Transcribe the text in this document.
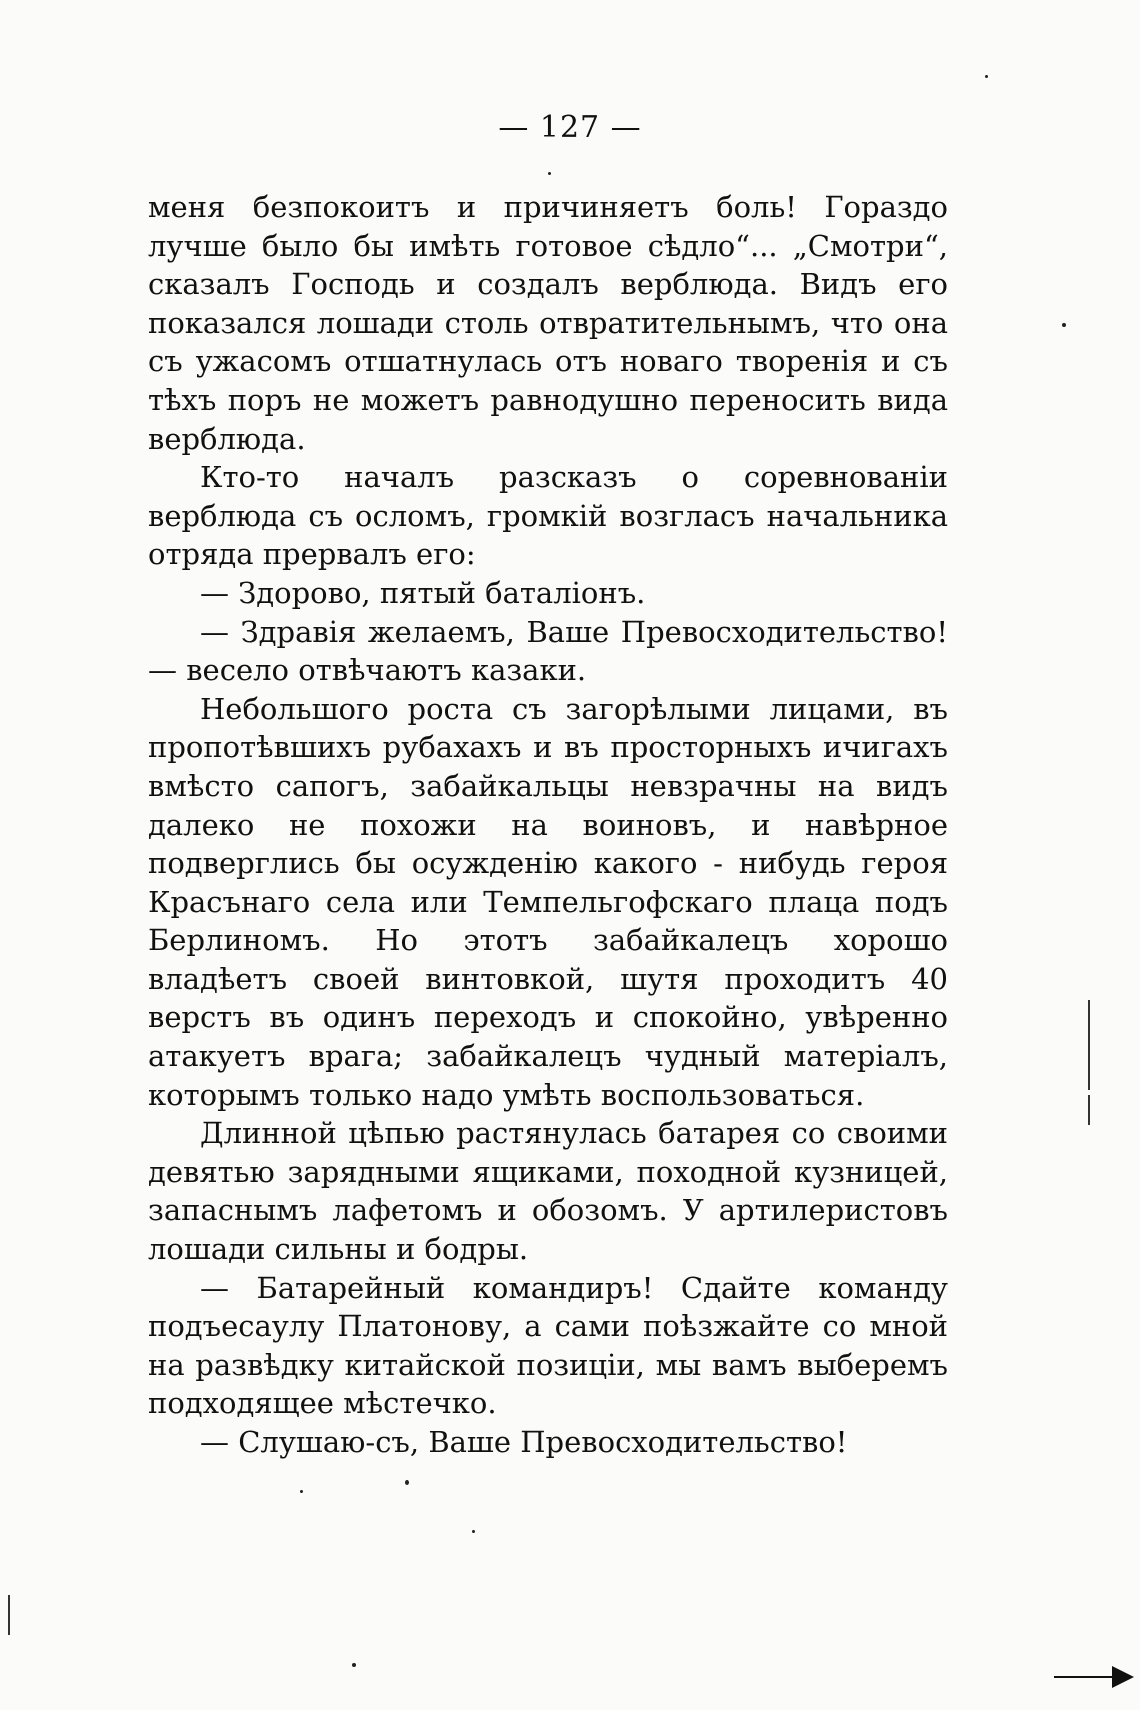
— 127 —

меня безпокоитъ и причиняетъ боль! Гораздо лучше было бы имѣть готовое сѣдло“... „Смотри“, сказалъ Господь и создалъ верблюда. Видъ его показался лошади столь отвратительнымъ, что она съ ужасомъ отшатнулась отъ новаго творенія и съ тѣхъ поръ не можетъ равнодушно переносить вида верблюда.

Кто-то началъ разсказъ о соревнованіи верблюда съ осломъ, громкій возгласъ начальника отряда прервалъ его:

— Здорово, пятый баталіонъ.

— Здравія желаемъ, Ваше Превосходительство!— весело отвѣчаютъ казаки.

Небольшого роста съ загорѣлыми лицами, въ пропотѣвшихъ рубахахъ и въ просторныхъ ичигахъ вмѣсто сапогъ, забайкальцы невзрачны на видъ далеко не похожи на воиновъ, и навѣрное подверглись бы осужденію какого - нибудь героя Красънаго села или Темпельгофскаго плаца подъ Берлиномъ. Но этотъ забайкалецъ хорошо владѣетъ своей винтовкой, шутя проходитъ 40 верстъ въ одинъ переходъ и спокойно, увѣренно атакуетъ врага; забайкалецъ чудный матеріалъ, которымъ только надо умѣть воспользоваться.

Длинной цѣпью растянулась батарея со своими девятью зарядными ящиками, походной кузницей, запаснымъ лафетомъ и обозомъ. У артилеристовъ лошади сильны и бодры.

— Батарейный командиръ! Сдайте команду подъесаулу Платонову, а сами поѣзжайте со мной на развѣдку китайской позиціи, мы вамъ выберемъ подходящее мѣстечко.

— Слушаю-съ, Ваше Превосходительство!
